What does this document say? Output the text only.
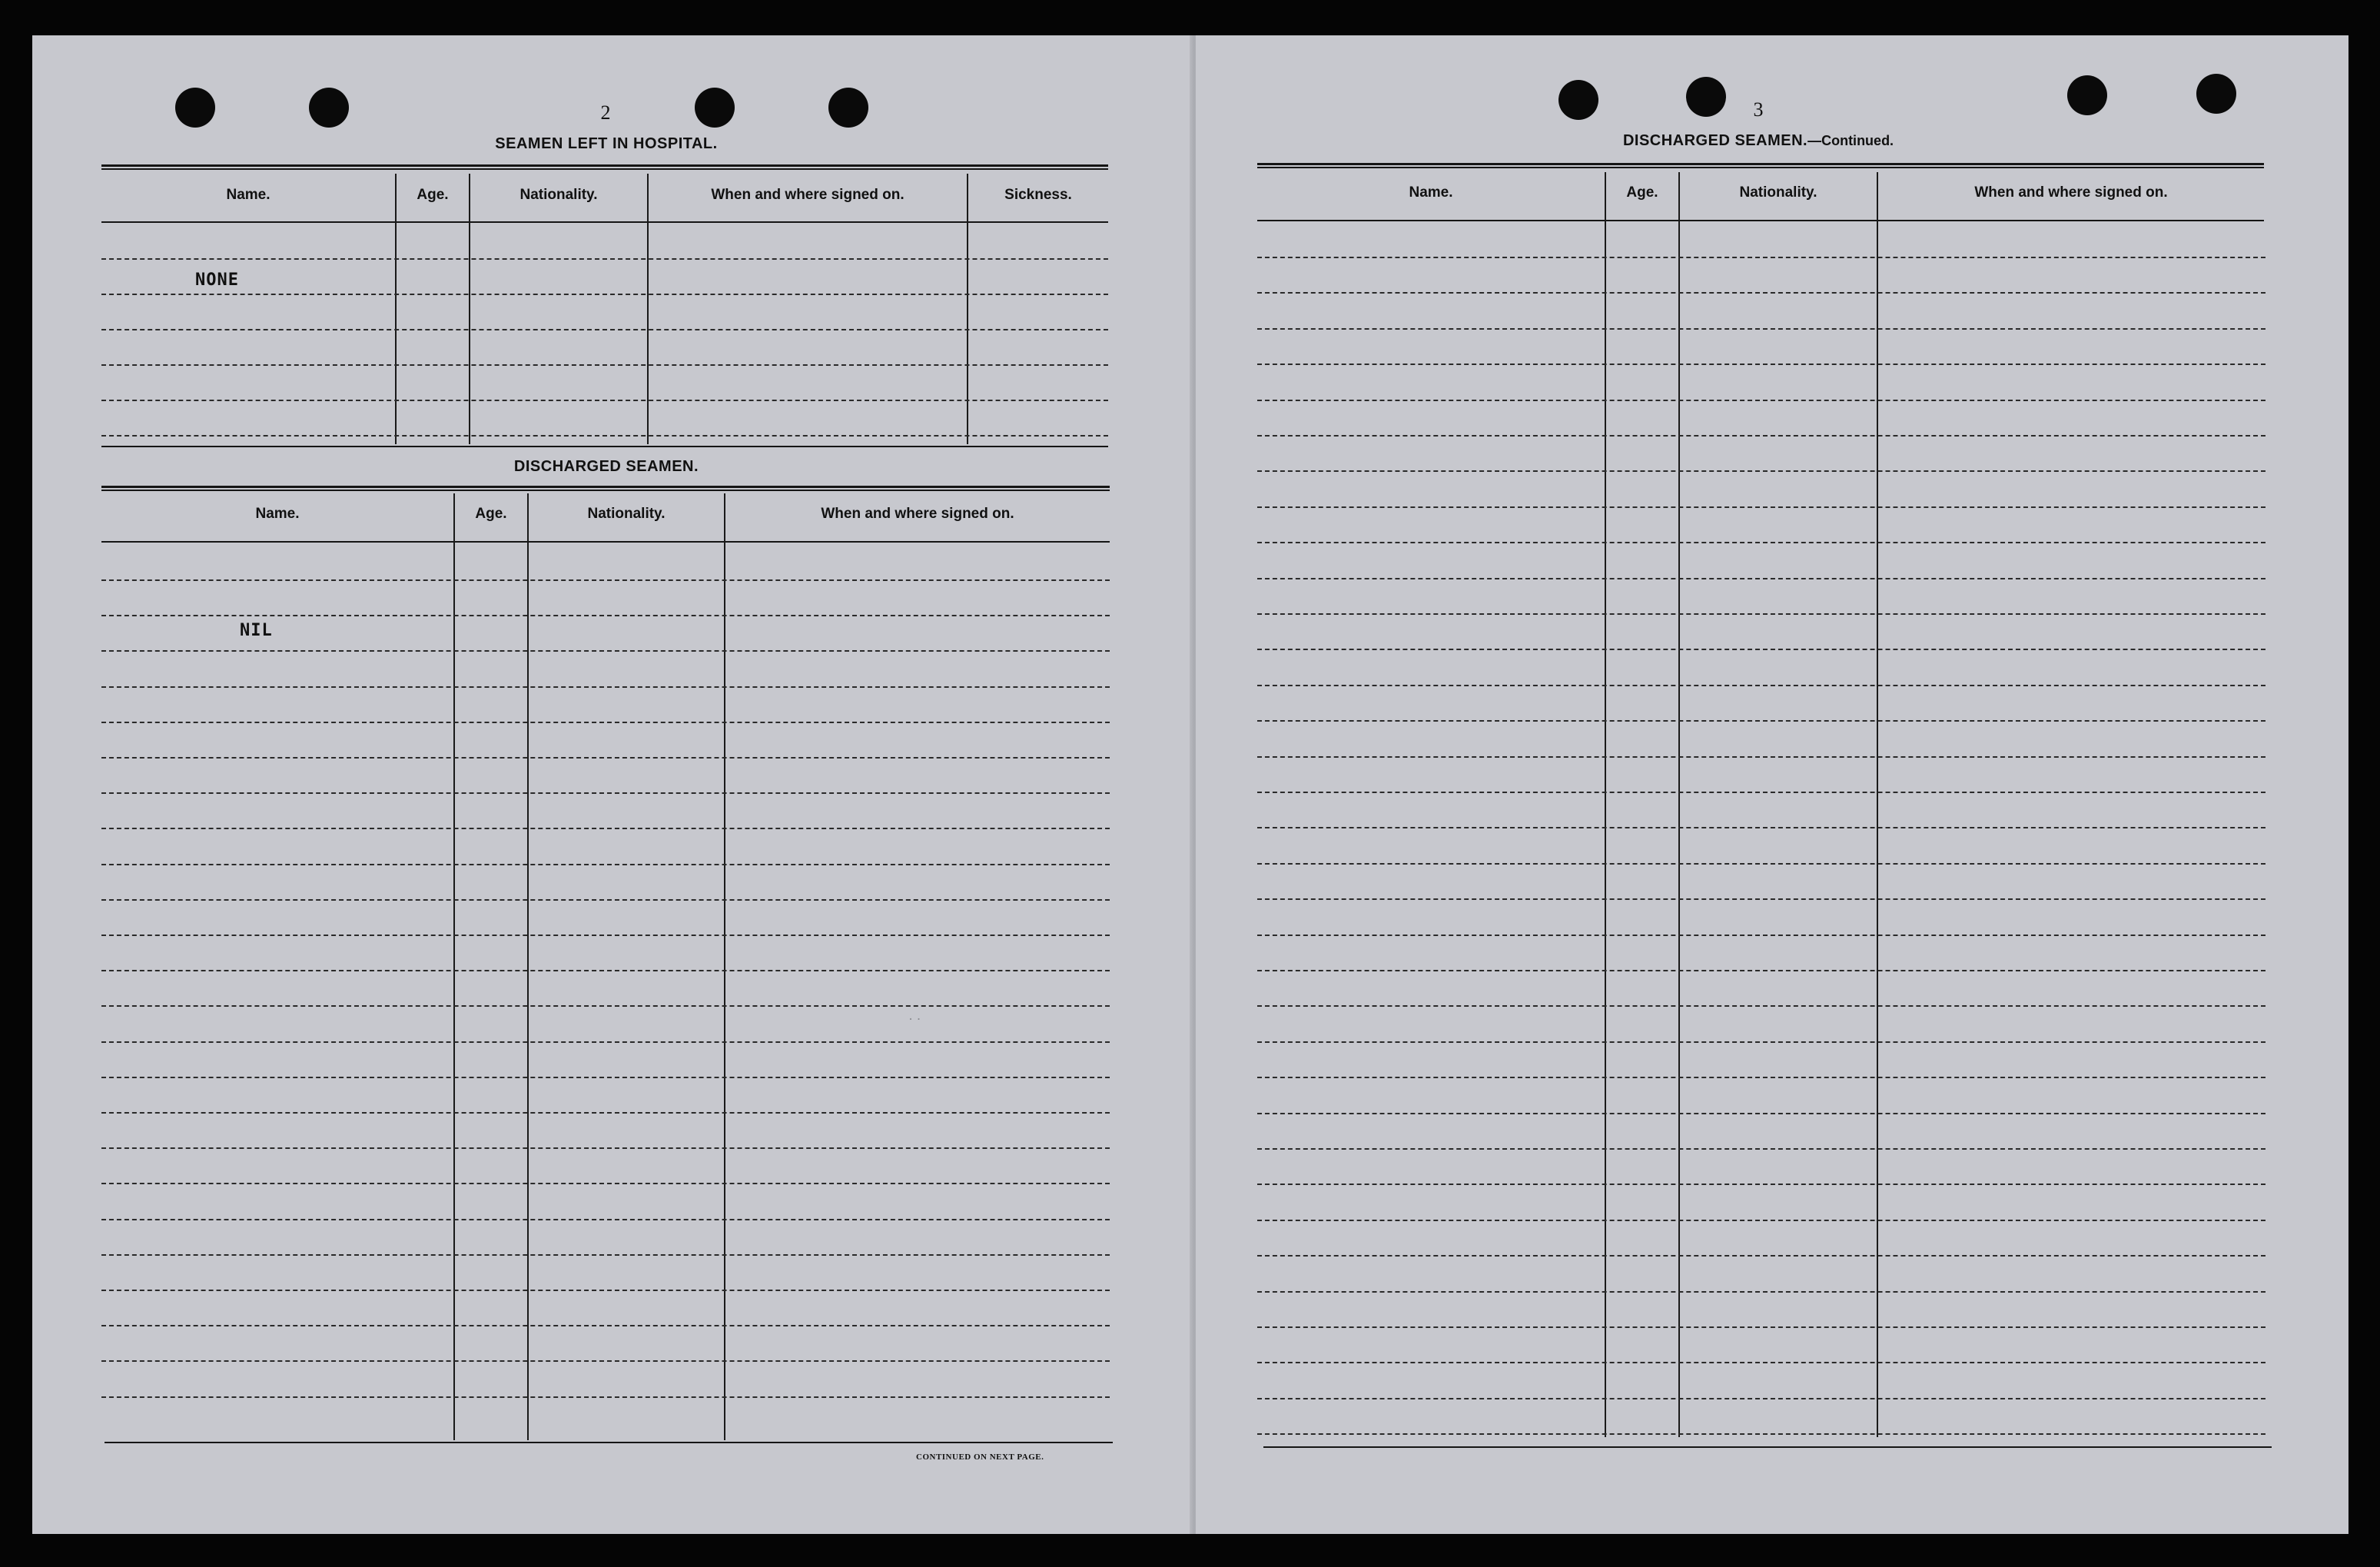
2
SEAMEN LEFT IN HOSPITAL.
Name.	Age.	Nationality.	When and where signed on.	Sickness.
NONE
DISCHARGED SEAMEN.
Name.	Age.	Nationality.	When and where signed on.
NIL
· ·
CONTINUED ON NEXT PAGE.
3
DISCHARGED SEAMEN.—Continued.
Name.	Age.	Nationality.	When and where signed on.
